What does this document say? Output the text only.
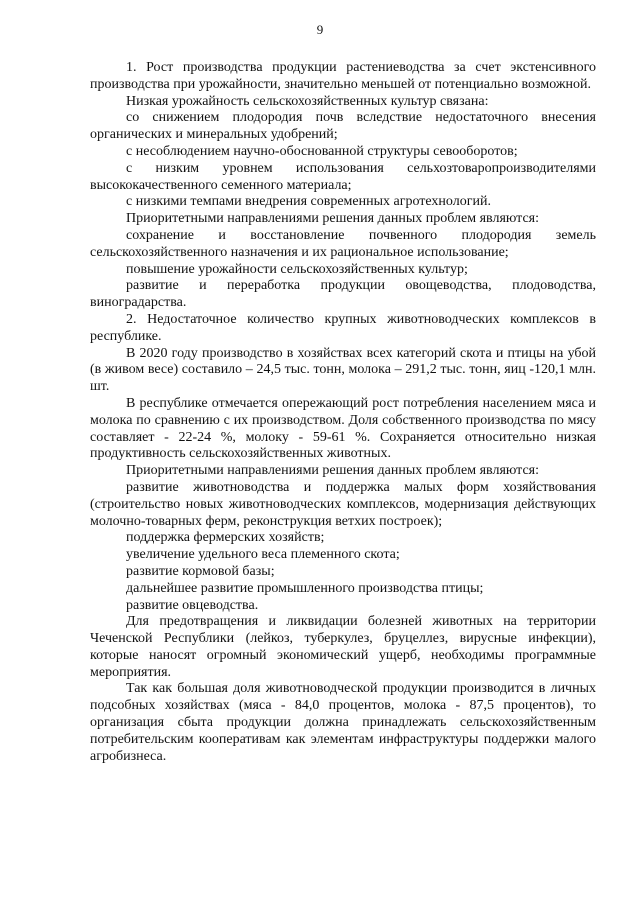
9

1. Рост производства продукции растениеводства за счет экстенсивного производства при урожайности, значительно меньшей от потенциально возможной.

Низкая урожайность сельскохозяйственных культур связана:

со снижением плодородия почв вследствие недостаточного внесения органических и минеральных удобрений;

с несоблюдением научно-обоснованной структуры севооборотов;

с низким уровнем использования сельхозтоваропроизводителями высококачественного семенного материала;

с низкими темпами внедрения современных агротехнологий.

Приоритетными направлениями решения данных проблем являются:

сохранение и восстановление почвенного плодородия земель сельскохозяйственного назначения и их рациональное использование;

повышение урожайности сельскохозяйственных культур;

развитие и переработка продукции овощеводства, плодоводства, виноградарства.

2. Недостаточное количество крупных животноводческих комплексов в республике.

В 2020 году производство в хозяйствах всех категорий скота и птицы на убой (в живом весе) составило – 24,5 тыс. тонн, молока – 291,2 тыс. тонн, яиц -120,1 млн. шт.

В республике отмечается опережающий рост потребления населением мяса и молока по сравнению с их производством. Доля собственного производства по мясу составляет - 22-24 %, молоку - 59-61 %. Сохраняется относительно низкая продуктивность сельскохозяйственных животных.

Приоритетными направлениями решения данных проблем являются:

развитие животноводства и поддержка малых форм хозяйствования (строительство новых животноводческих комплексов, модернизация действующих молочно-товарных ферм, реконструкция ветхих построек);

поддержка фермерских хозяйств;

увеличение удельного веса племенного скота;

развитие кормовой базы;

дальнейшее развитие промышленного производства птицы;

развитие овцеводства.

Для предотвращения и ликвидации болезней животных на территории Чеченской Республики (лейкоз, туберкулез, бруцеллез, вирусные инфекции), которые наносят огромный экономический ущерб, необходимы программные мероприятия.

Так как большая доля животноводческой продукции производится в личных подсобных хозяйствах (мяса - 84,0 процентов, молока - 87,5 процентов), то организация сбыта продукции должна принадлежать сельскохозяйственным потребительским кооперативам как элементам инфраструктуры поддержки малого агробизнеса.
